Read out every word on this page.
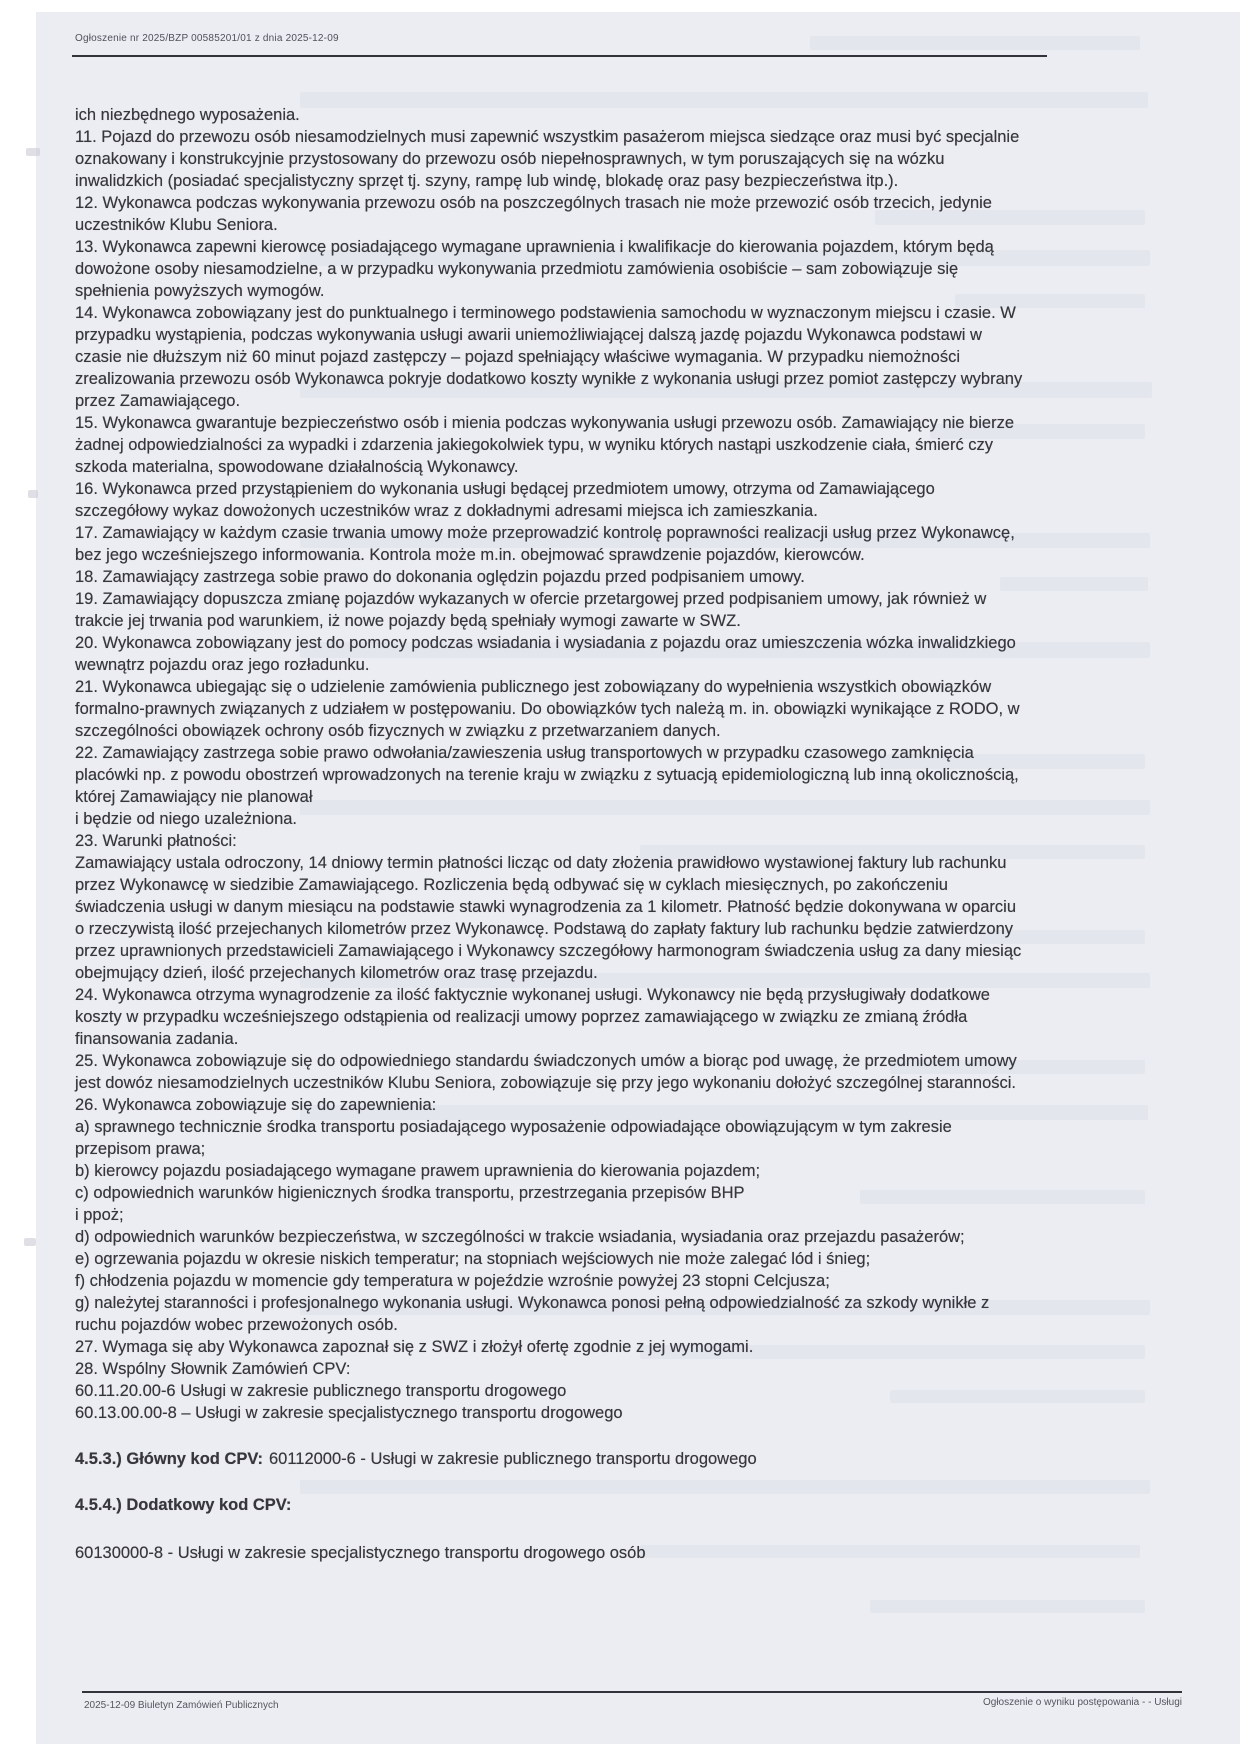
Ogłoszenie nr 2025/BZP 00585201/01 z dnia 2025-12-09

ich niezbędnego wyposażenia.

11. Pojazd do przewozu osób niesamodzielnych musi zapewnić wszystkim pasażerom miejsca siedzące oraz musi być specjalnie oznakowany i konstrukcyjnie przystosowany do przewozu osób niepełnosprawnych, w tym poruszających się na wózku inwalidzkich (posiadać specjalistyczny sprzęt tj. szyny, rampę lub windę, blokadę oraz pasy bezpieczeństwa itp.).

12. Wykonawca podczas wykonywania przewozu osób na poszczególnych trasach nie może przewozić osób trzecich, jedynie uczestników Klubu Seniora.

13. Wykonawca zapewni kierowcę posiadającego wymagane uprawnienia i kwalifikacje do kierowania pojazdem, którym będą dowożone osoby niesamodzielne, a w przypadku wykonywania przedmiotu zamówienia osobiście – sam zobowiązuje się spełnienia powyższych wymogów.

14. Wykonawca zobowiązany jest do punktualnego i terminowego podstawienia samochodu w wyznaczonym miejscu i czasie. W przypadku wystąpienia, podczas wykonywania usługi awarii uniemożliwiającej dalszą jazdę pojazdu Wykonawca podstawi w czasie nie dłuższym niż 60 minut pojazd zastępczy – pojazd spełniający właściwe wymagania. W przypadku niemożności zrealizowania przewozu osób Wykonawca pokryje dodatkowo koszty wynikłe z wykonania usługi przez pomiot zastępczy wybrany przez Zamawiającego.

15. Wykonawca gwarantuje bezpieczeństwo osób i mienia podczas wykonywania usługi przewozu osób. Zamawiający nie bierze żadnej odpowiedzialności za wypadki i zdarzenia jakiegokolwiek typu, w wyniku których nastąpi uszkodzenie ciała, śmierć czy szkoda materialna, spowodowane działalnością Wykonawcy.

16. Wykonawca przed przystąpieniem do wykonania usługi będącej przedmiotem umowy, otrzyma od Zamawiającego szczegółowy wykaz dowożonych uczestników wraz z dokładnymi adresami miejsca ich zamieszkania.

17. Zamawiający w każdym czasie trwania umowy może przeprowadzić kontrolę poprawności realizacji usług przez Wykonawcę, bez jego wcześniejszego informowania. Kontrola może m.in. obejmować sprawdzenie pojazdów, kierowców.

18. Zamawiający zastrzega sobie prawo do dokonania oględzin pojazdu przed podpisaniem umowy.

19. Zamawiający dopuszcza zmianę pojazdów wykazanych w ofercie przetargowej przed podpisaniem umowy, jak również w trakcie jej trwania pod warunkiem, iż nowe pojazdy będą spełniały wymogi zawarte w SWZ.

20. Wykonawca zobowiązany jest do pomocy podczas wsiadania i wysiadania z pojazdu oraz umieszczenia wózka inwalidzkiego wewnątrz pojazdu oraz jego rozładunku.

21. Wykonawca ubiegając się o udzielenie zamówienia publicznego jest zobowiązany do wypełnienia wszystkich obowiązków formalno-prawnych związanych z udziałem w postępowaniu. Do obowiązków tych należą m. in. obowiązki wynikające z RODO, w szczególności obowiązek ochrony osób fizycznych w związku z przetwarzaniem danych.

22. Zamawiający zastrzega sobie prawo odwołania/zawieszenia usług transportowych w przypadku czasowego zamknięcia placówki np. z powodu obostrzeń wprowadzonych na terenie kraju w związku z sytuacją epidemiologiczną lub inną okolicznością, której Zamawiający nie planował

i będzie od niego uzależniona.

23. Warunki płatności:

Zamawiający ustala odroczony, 14 dniowy termin płatności licząc od daty złożenia prawidłowo wystawionej faktury lub rachunku przez Wykonawcę w siedzibie Zamawiającego. Rozliczenia będą odbywać się w cyklach miesięcznych, po zakończeniu świadczenia usługi w danym miesiącu na podstawie stawki wynagrodzenia za 1 kilometr. Płatność będzie dokonywana w oparciu o rzeczywistą ilość przejechanych kilometrów przez Wykonawcę. Podstawą do zapłaty faktury lub rachunku będzie zatwierdzony przez uprawnionych przedstawicieli Zamawiającego i Wykonawcy szczegółowy harmonogram świadczenia usług za dany miesiąc obejmujący dzień, ilość przejechanych kilometrów oraz trasę przejazdu.

24. Wykonawca otrzyma wynagrodzenie za ilość faktycznie wykonanej usługi. Wykonawcy nie będą przysługiwały dodatkowe koszty w przypadku wcześniejszego odstąpienia od realizacji umowy poprzez zamawiającego w związku ze zmianą źródła finansowania zadania.

25. Wykonawca zobowiązuje się do odpowiedniego standardu świadczonych umów a biorąc pod uwagę, że przedmiotem umowy jest dowóz niesamodzielnych uczestników Klubu Seniora, zobowiązuje się przy jego wykonaniu dołożyć szczególnej staranności.

26. Wykonawca zobowiązuje się do zapewnienia:

a) sprawnego technicznie środka transportu posiadającego wyposażenie odpowiadające obowiązującym w tym zakresie przepisom prawa;

b) kierowcy pojazdu posiadającego wymagane prawem uprawnienia do kierowania pojazdem;

c) odpowiednich warunków higienicznych środka transportu, przestrzegania przepisów BHP

i ppoż;

d) odpowiednich warunków bezpieczeństwa, w szczególności w trakcie wsiadania, wysiadania oraz przejazdu pasażerów;

e) ogrzewania pojazdu w okresie niskich temperatur; na stopniach wejściowych nie może zalegać lód i śnieg;

f) chłodzenia pojazdu w momencie gdy temperatura w pojeździe wzrośnie powyżej 23 stopni Celcjusza;

g) należytej staranności i profesjonalnego wykonania usługi. Wykonawca ponosi pełną odpowiedzialność za szkody wynikłe z ruchu pojazdów wobec przewożonych osób.

27. Wymaga się aby Wykonawca zapoznał się z SWZ i złożył ofertę zgodnie z jej wymogami.

28. Wspólny Słownik Zamówień CPV:

60.11.20.00-6 Usługi w zakresie publicznego transportu drogowego

60.13.00.00-8 – Usługi w zakresie specjalistycznego transportu drogowego

4.5.3.) Główny kod CPV: 60112000-6 - Usługi w zakresie publicznego transportu drogowego

4.5.4.) Dodatkowy kod CPV:

60130000-8 - Usługi w zakresie specjalistycznego transportu drogowego osób

2025-12-09 Biuletyn Zamówień Publicznych	Ogłoszenie o wyniku postępowania - - Usługi
